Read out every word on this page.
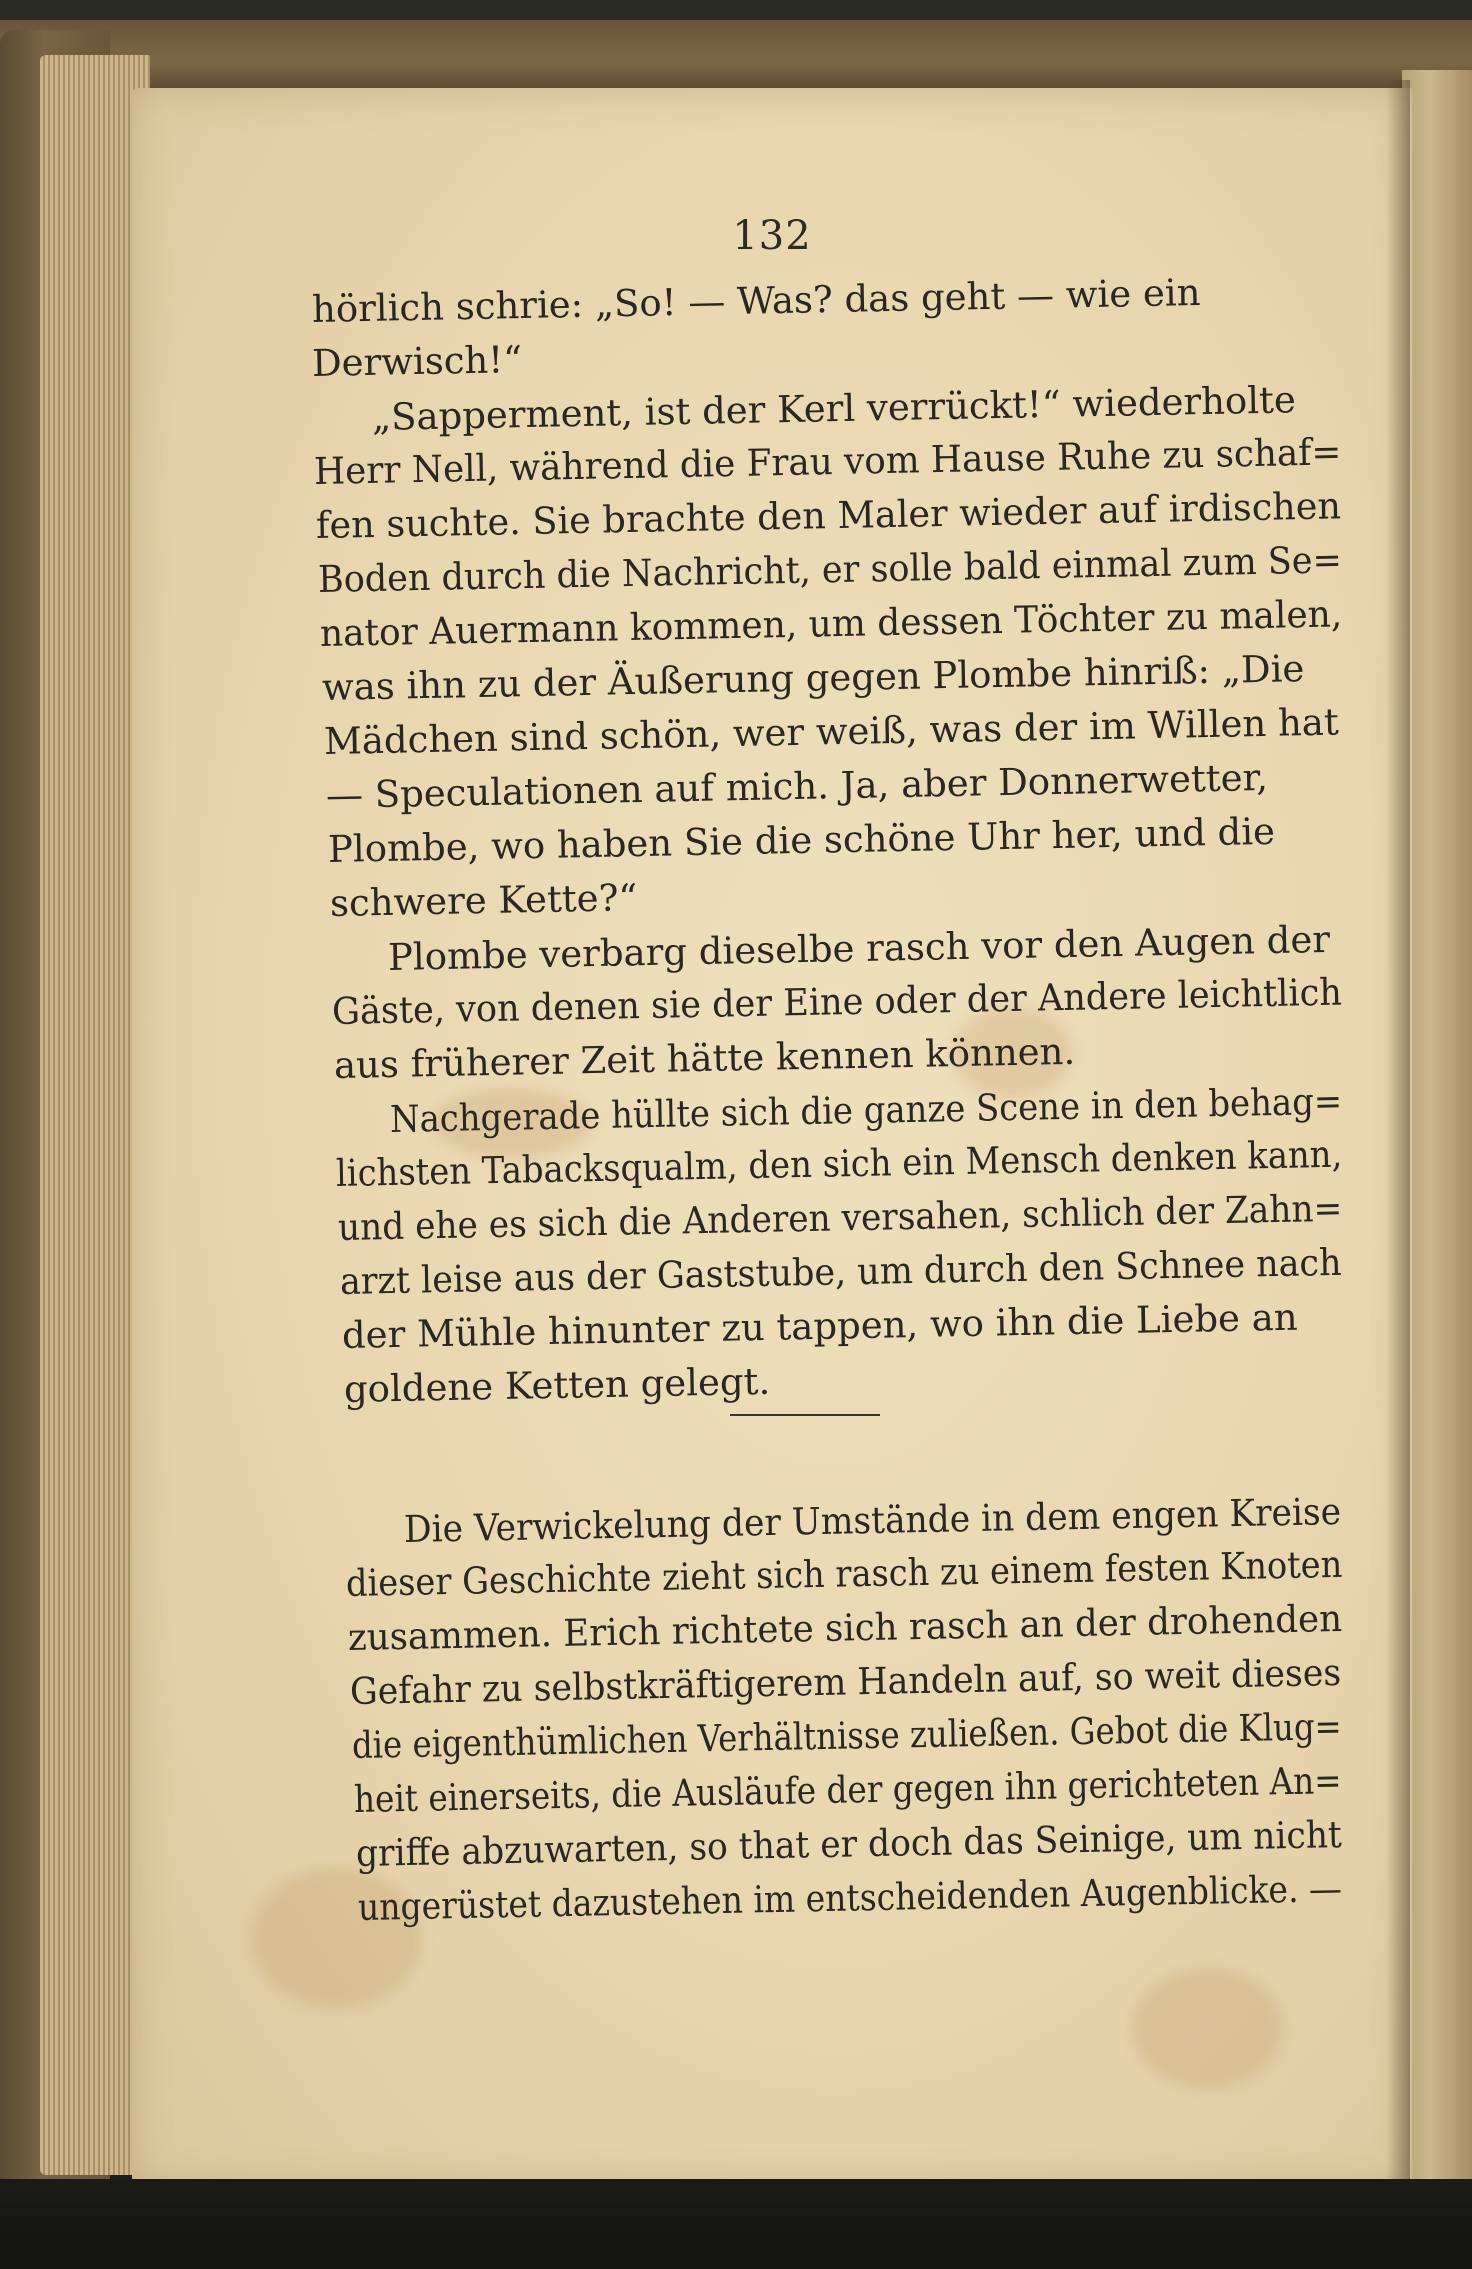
132
hörlich schrie: „So! — Was? das geht — wie ein
Derwisch!“
„Sapperment, ist der Kerl verrückt!“ wiederholte
Herr Nell, während die Frau vom Hause Ruhe zu schaf=
fen suchte. Sie brachte den Maler wieder auf irdischen
Boden durch die Nachricht, er solle bald einmal zum Se=
nator Auermann kommen, um dessen Töchter zu malen,
was ihn zu der Äußerung gegen Plombe hinriß: „Die
Mädchen sind schön, wer weiß, was der im Willen hat
— Speculationen auf mich. Ja, aber Donnerwetter,
Plombe, wo haben Sie die schöne Uhr her, und die
schwere Kette?“
Plombe verbarg dieselbe rasch vor den Augen der
Gäste, von denen sie der Eine oder der Andere leichtlich
aus früherer Zeit hätte kennen können.
Nachgerade hüllte sich die ganze Scene in den behag=
lichsten Tabacksqualm, den sich ein Mensch denken kann,
und ehe es sich die Anderen versahen, schlich der Zahn=
arzt leise aus der Gaststube, um durch den Schnee nach
der Mühle hinunter zu tappen, wo ihn die Liebe an
goldene Ketten gelegt.
Die Verwickelung der Umstände in dem engen Kreise
dieser Geschichte zieht sich rasch zu einem festen Knoten
zusammen. Erich richtete sich rasch an der drohenden
Gefahr zu selbstkräftigerem Handeln auf, so weit dieses
die eigenthümlichen Verhältnisse zuließen. Gebot die Klug=
heit einerseits, die Ausläufe der gegen ihn gerichteten An=
griffe abzuwarten, so that er doch das Seinige, um nicht
ungerüstet dazustehen im entscheidenden Augenblicke. —
